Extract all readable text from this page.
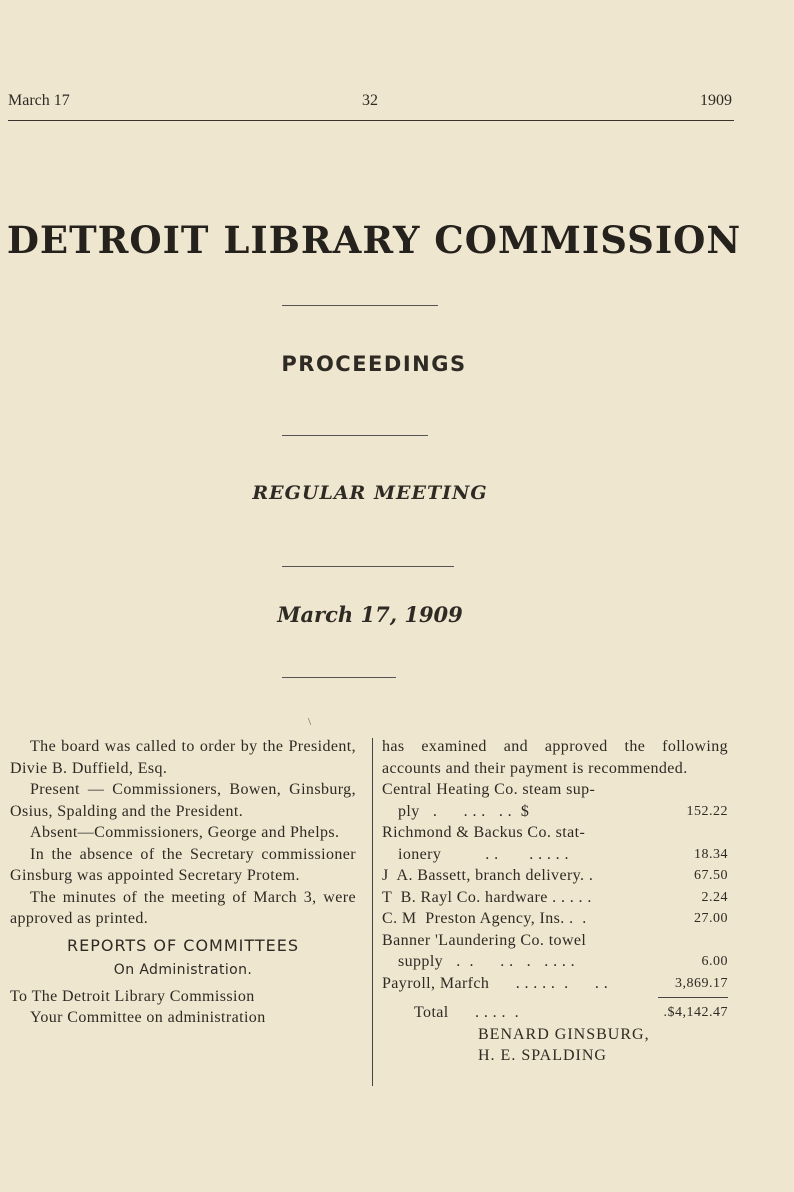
March 17	32	1909
DETROIT LIBRARY COMMISSION
PROCEEDINGS
REGULAR MEETING
March 17, 1909
\

The board was called to order by the President, Divie B. Duffield, Esq.

Present — Commissioners, Bowen, Ginsburg, Osius, Spalding and the President.

Absent—Commissioners, George and Phelps.

In the absence of the Secretary commissioner Ginsburg was appointed Secretary Protem.

The minutes of the meeting of March 3, were approved as printed.

REPORTS OF COMMITTEES
On Administration.

To The Detroit Library Commission

Your Committee on administration

has examined and approved the following accounts and their payment is recommended.

Central Heating Co. steam sup-
ply   .      . . .   . .  $	152.22
Richmond & Backus Co. stat-
ionery          . .       . . . . .	18.34
J  A. Bassett, branch delivery. .	67.50
T  B. Rayl Co. hardware . . . . .	2.24
C. M  Preston Agency, Ins. .  .	27.00
Banner 'Laundering Co. towel
supply   .  .      . .   .   . . . .	6.00
Payroll, Marfch      . . . . .  .      . .	3,869.17
Total      . . . .  .	.$4,142.47
BENARD GINSBURG,
H. E. SPALDING
